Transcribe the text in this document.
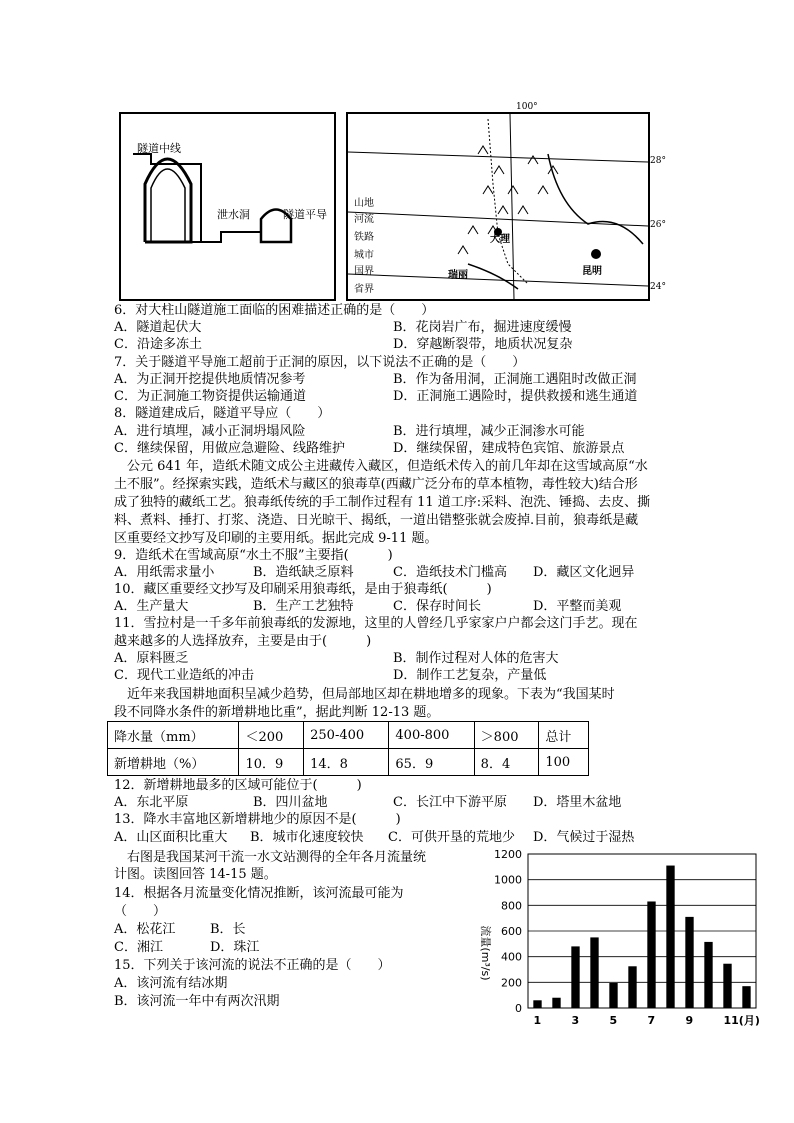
隧道中线
泄水洞	隧道平导
大理
昆明
瑞丽
山地
河流
铁路
城市
国界
省界
100°
28°
26°
24°
6．对大柱山隧道施工面临的困难描述正确的是（　　）
A．隧道起伏大	B．花岗岩广布，掘进速度缓慢
C．沿途多冻土	D．穿越断裂带，地质状况复杂
7．关于隧道平导施工超前于正洞的原因，以下说法不正确的是（　　）
A．为正洞开挖提供地质情况参考	B．作为备用洞，正洞施工遇阻时改做正洞
C．为正洞施工物资提供运输通道	D．正洞施工遇险时，提供救援和逃生通道
8．隧道建成后，隧道平导应（　　）
A．进行填埋，减小正洞坍塌风险	B．进行填埋，减少正洞渗水可能
C．继续保留，用做应急避险、线路维护	D．继续保留，建成特色宾馆、旅游景点
　公元 641 年，造纸术随文成公主进藏传入藏区，但造纸术传入的前几年却在这雪域高原“水
土不服”。经探索实践，造纸术与藏区的狼毒草(西藏广泛分布的草本植物，毒性较大)结合形
成了独特的藏纸工艺。狼毒纸传统的手工制作过程有 11 道工序:采料、泡洗、锤捣、去皮、撕
料、煮料、捶打、打浆、浇造、日光晾干、揭纸，一道出错整张就会废掉.目前，狼毒纸是藏
区重要经文抄写及印刷的主要用纸。据此完成 9-11 题。
9．造纸术在雪域高原“水土不服”主要指(　　　)
A．用纸需求量小	B．造纸缺乏原料	C．造纸技术门槛高 D．藏区文化迥异
10．藏区重要经文抄写及印刷采用狼毒纸，是由于狼毒纸(　　　)
A．生产量大	B．生产工艺独特	C．保存时间长	D．平整而美观
11．雪拉村是一千多年前狼毒纸的发源地，这里的人曾经几乎家家户户都会这门手艺。现在
越来越多的人选择放弃，主要是由于(　　　)
A．原料匮乏	B．制作过程对人体的危害大
C．现代工业造纸的冲击	D．制作工艺复杂，产量低
　近年来我国耕地面积呈减少趋势，但局部地区却在耕地增多的现象。下表为“我国某时
段不同降水条件的新增耕地比重”，据此判断 12-13 题。
降水量（mm）	＜200	250-400	400-800	＞800	总计
新增耕地（%）	10．9	14．8	65．9	8．4	100
12．新增耕地最多的区域可能位于(　　　)
A．东北平原	B．四川盆地	C．长江中下游平原 D．塔里木盆地
13．降水丰富地区新增耕地少的原因不是(　　　)
A．山区面积比重大 B．城市化速度较快 C．可供开垦的荒地少 D．气候过于湿热
　右图是我国某河干流一水文站测得的全年各月流量统
计图。读图回答 14-15 题。
14．根据各月流量变化情况推断，该河流最可能为
（　　）
A．松花江	B．长
C．湘江	D．珠江
15．下列关于该河流的说法不正确的是（　　）
A．该河流有结冰期
B．该河流一年中有两次汛期	0
200
400
600
800
1000
1200
1	3	5	7	9	11(月)
流量(m³/s)
